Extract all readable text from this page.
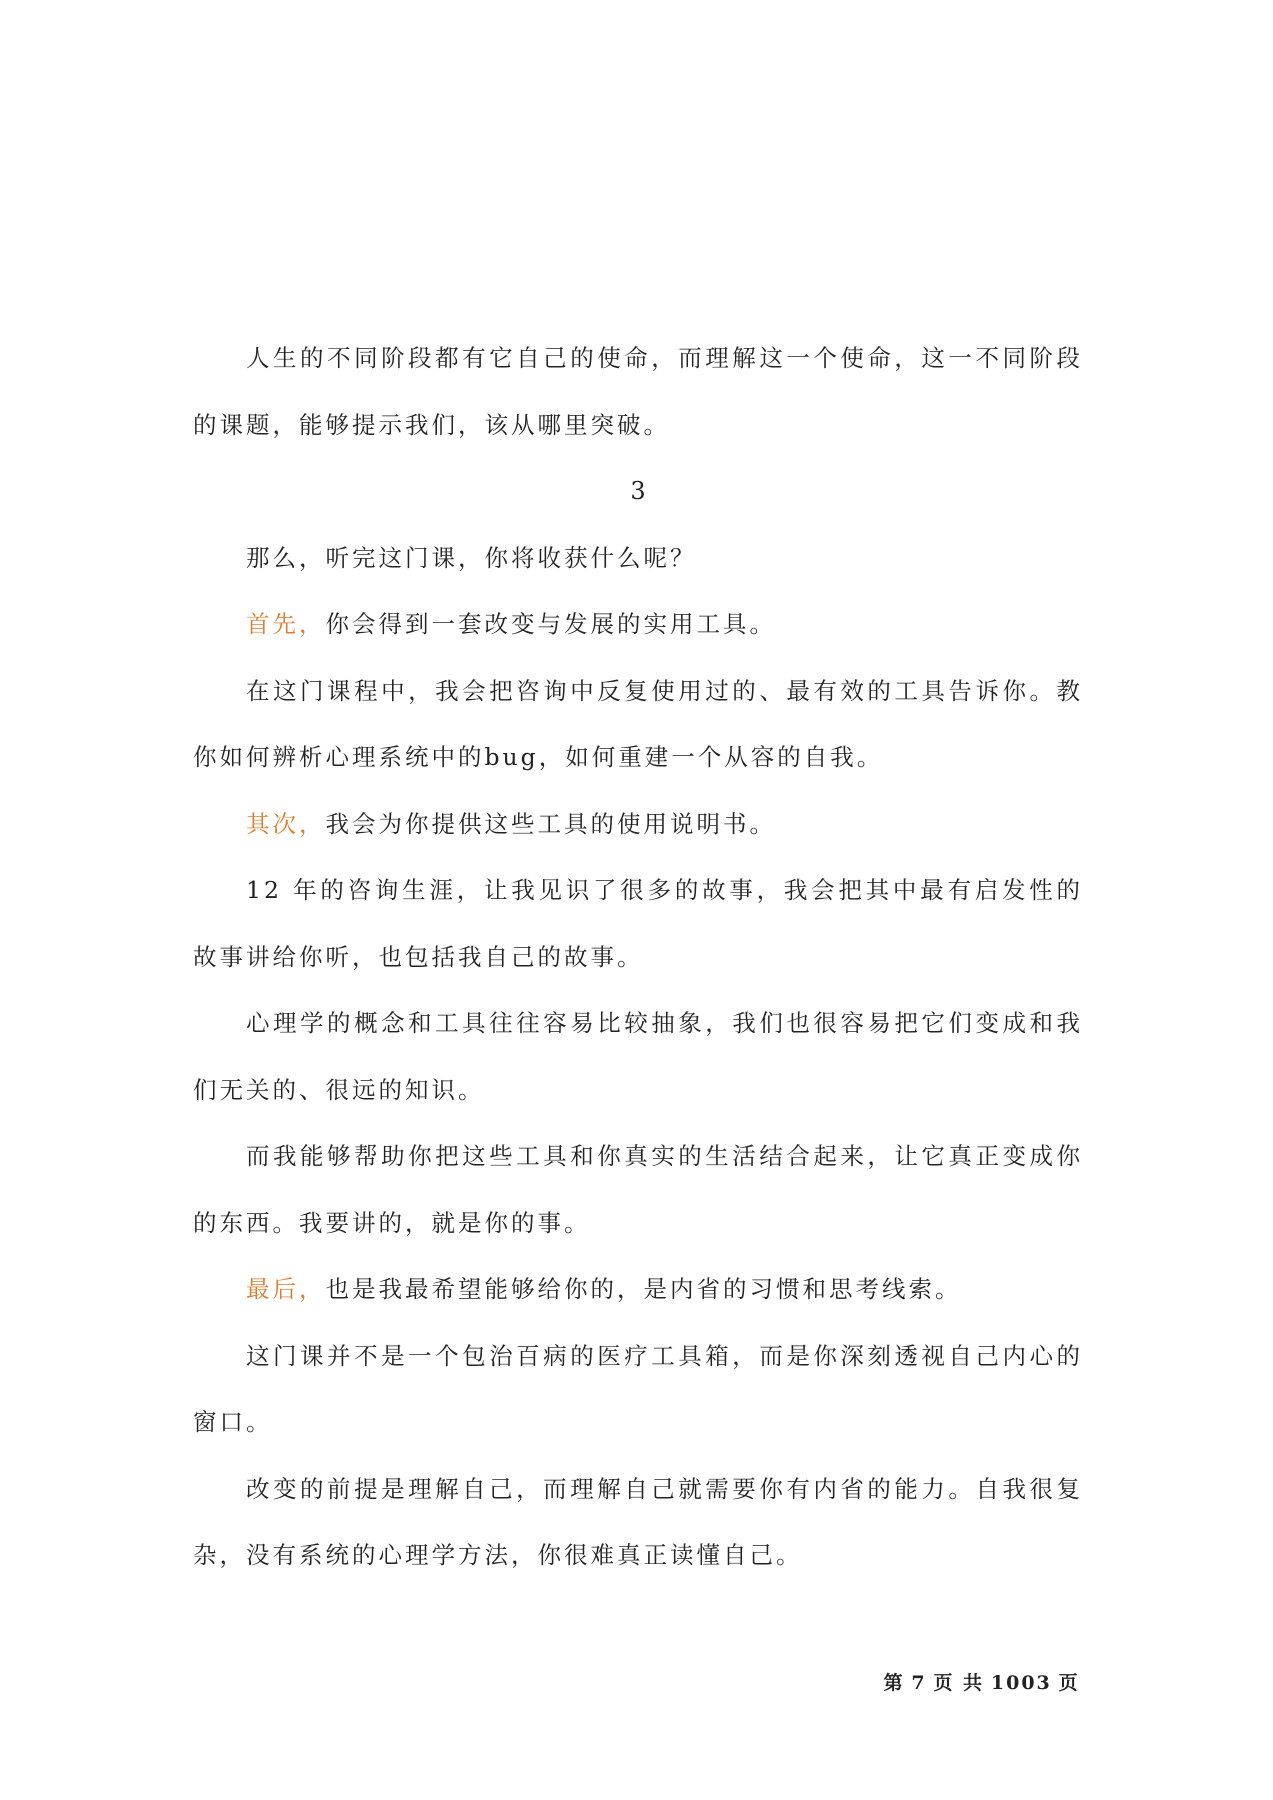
人生的不同阶段都有它自己的使命，而理解这一个使命，这一不同阶段的课题，能够提示我们，该从哪里突破。

3

那么，听完这门课，你将收获什么呢？

首先，你会得到一套改变与发展的实用工具。

在这门课程中，我会把咨询中反复使用过的、最有效的工具告诉你。教你如何辨析心理系统中的bug，如何重建一个从容的自我。

其次，我会为你提供这些工具的使用说明书。

12 年的咨询生涯，让我见识了很多的故事，我会把其中最有启发性的故事讲给你听，也包括我自己的故事。

心理学的概念和工具往往容易比较抽象，我们也很容易把它们变成和我们无关的、很远的知识。

而我能够帮助你把这些工具和你真实的生活结合起来，让它真正变成你的东西。我要讲的，就是你的事。

最后，也是我最希望能够给你的，是内省的习惯和思考线索。

这门课并不是一个包治百病的医疗工具箱，而是你深刻透视自己内心的窗口。

改变的前提是理解自己，而理解自己就需要你有内省的能力。自我很复杂，没有系统的心理学方法，你很难真正读懂自己。

第 7 页 共 1003 页
